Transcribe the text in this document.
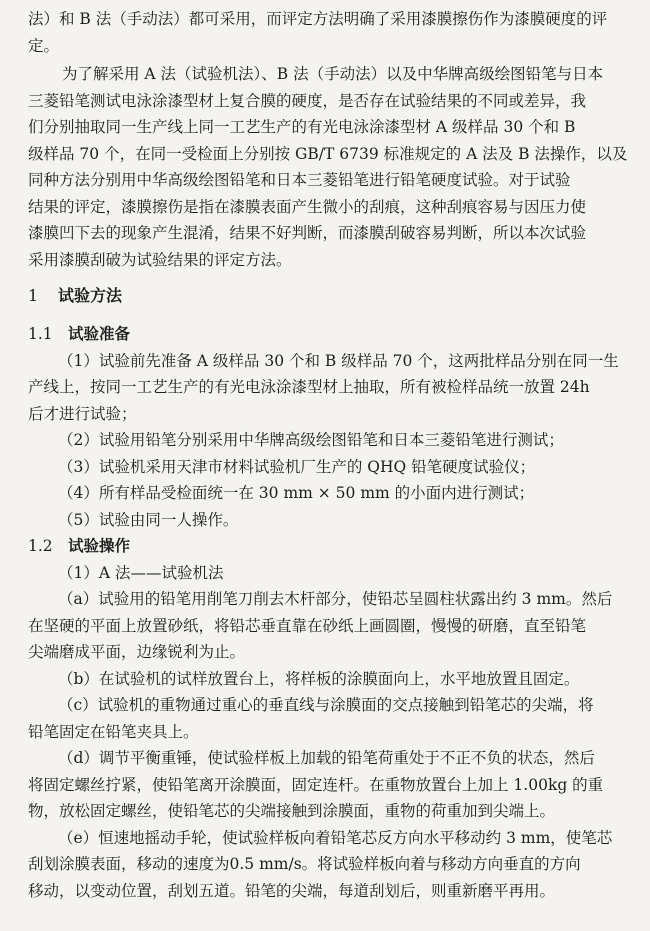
法）和 B 法（手动法）都可采用，而评定方法明确了采用漆膜擦伤作为漆膜硬度的评

定。

为了解采用 A 法（试验机法）、B 法（手动法）以及中华牌高级绘图铅笔与日本

三菱铅笔测试电泳涂漆型材上复合膜的硬度，是否存在试验结果的不同或差异，我

们分别抽取同一生产线上同一工艺生产的有光电泳涂漆型材 A 级样品 30 个和 B

级样品 70 个，在同一受检面上分别按 GB/T 6739 标准规定的 A 法及 B 法操作，以及

同种方法分别用中华高级绘图铅笔和日本三菱铅笔进行铅笔硬度试验。对于试验

结果的评定，漆膜擦伤是指在漆膜表面产生微小的刮痕，这种刮痕容易与因压力使

漆膜凹下去的现象产生混淆，结果不好判断，而漆膜刮破容易判断，所以本次试验

采用漆膜刮破为试验结果的评定方法。

1 试验方法
1.1 试验准备

（1）试验前先准备 A 级样品 30 个和 B 级样品 70 个，这两批样品分别在同一生

产线上，按同一工艺生产的有光电泳涂漆型材上抽取，所有被检样品统一放置 24h

后才进行试验；

（2）试验用铅笔分别采用中华牌高级绘图铅笔和日本三菱铅笔进行测试；

（3）试验机采用天津市材料试验机厂生产的 QHQ 铅笔硬度试验仪；

（4）所有样品受检面统一在 30 mm × 50 mm 的小面内进行测试；

（5）试验由同一人操作。

1.2 试验操作

（1）A 法——试验机法

（a）试验用的铅笔用削笔刀削去木杆部分，使铅芯呈圆柱状露出约 3 mm。然后

在坚硬的平面上放置砂纸，将铅芯垂直靠在砂纸上画圆圈，慢慢的研磨，直至铅笔

尖端磨成平面，边缘锐利为止。

（b）在试验机的试样放置台上，将样板的涂膜面向上，水平地放置且固定。

（c）试验机的重物通过重心的垂直线与涂膜面的交点接触到铅笔芯的尖端，将

铅笔固定在铅笔夹具上。

（d）调节平衡重锤，使试验样板上加载的铅笔荷重处于不正不负的状态，然后

将固定螺丝拧紧，使铅笔离开涂膜面，固定连杆。在重物放置台上加上 1.00kg 的重

物，放松固定螺丝，使铅笔芯的尖端接触到涂膜面，重物的荷重加到尖端上。

（e）恒速地摇动手轮，使试验样板向着铅笔芯反方向水平移动约 3 mm，使笔芯

刮划涂膜表面，移动的速度为0.5 mm/s。将试验样板向着与移动方向垂直的方向

移动，以变动位置，刮划五道。铅笔的尖端，每道刮划后，则重新磨平再用。
